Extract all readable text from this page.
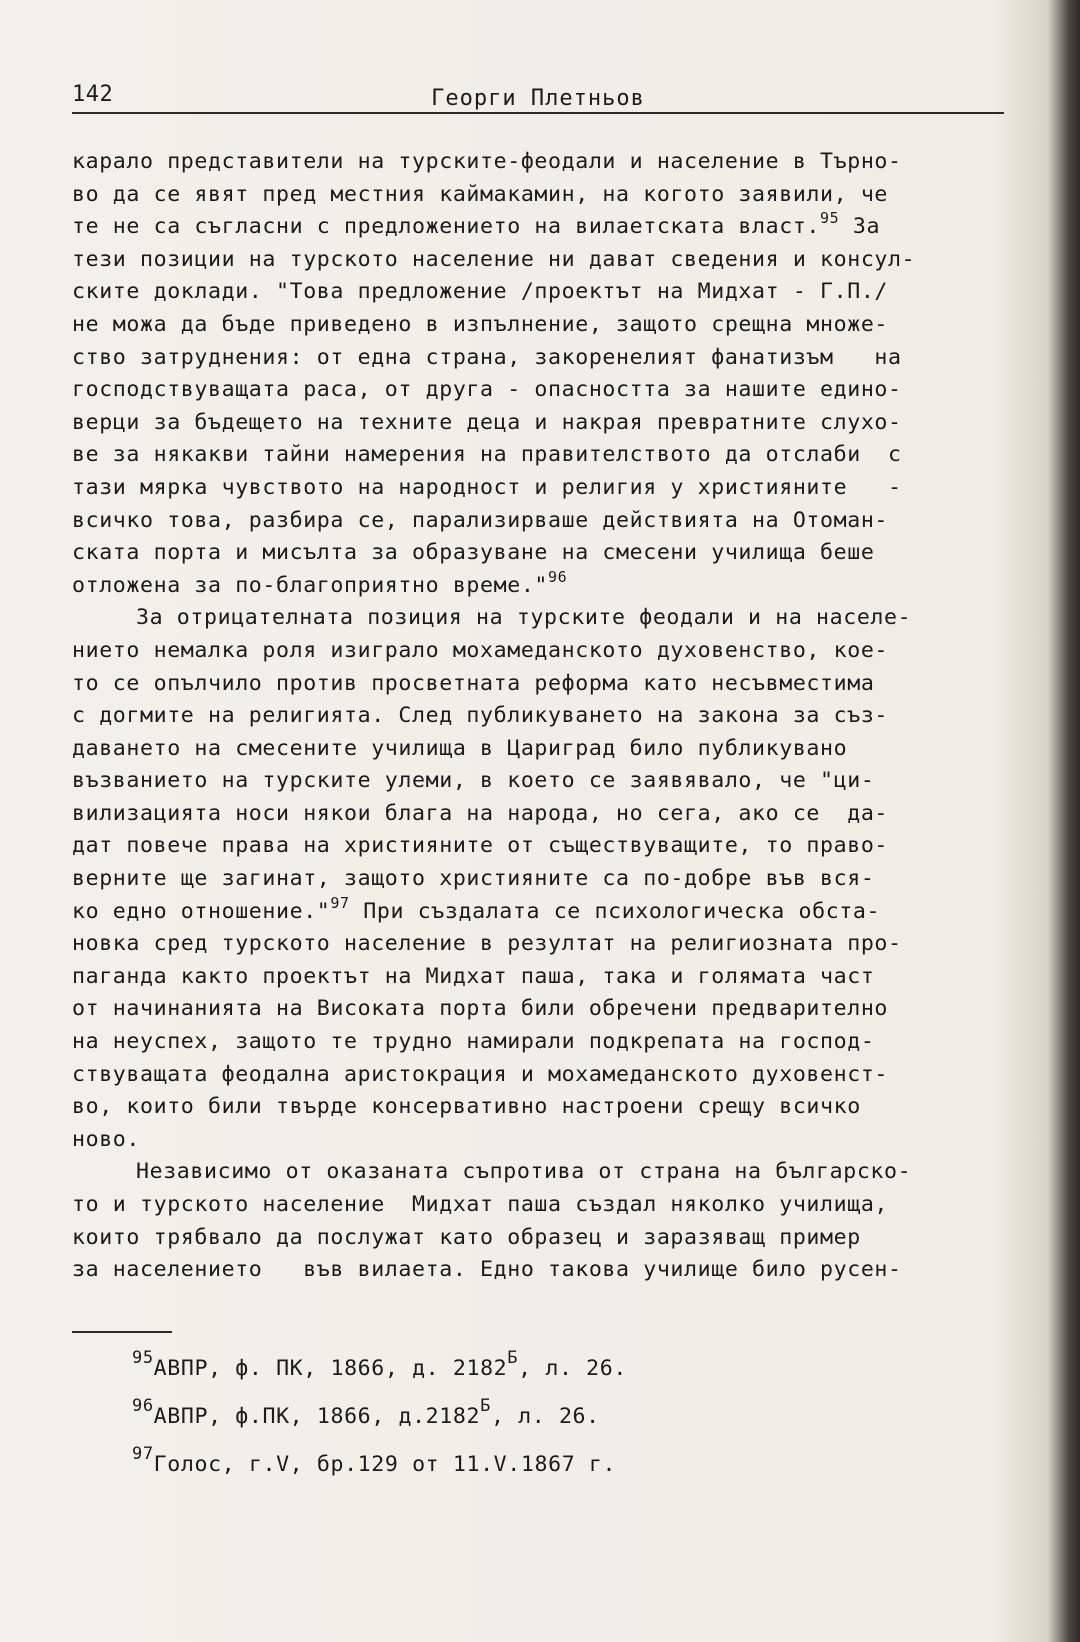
142	Георги Плетньов
карало представители на турските-феодали и население в Търно-
во да се явят пред местния каймакамин, на когото заявили, че
те не са съгласни с предложението на вилаетската власт.$^{95}$ За
тези позиции на турското население ни дават сведения и консул-
ските доклади. "Това предложение /проектът на Мидхат - Г.П./
не можа да бъде приведено в изпълнение, защото срещна множе-
ство затруднения: от една страна, закоренелият фанатизъм   на
господствуващата раса, от друга - опасността за нашите едино-
верци за бъдещето на техните деца и накрая превратните слухо-
ве за някакви тайни намерения на правителството да отслаби  с
тази мярка чувството на народност и религия у християните   -
всичко това, разбира се, парализирваше действията на Отоман-
ската порта и мисълта за образуване на смесени училища беше
отложена за по-благоприятно време."$^{96}$
За отрицателната позиция на турските феодали и на населе-
нието немалка роля изиграло мохамеданското духовенство, кое-
то се опълчило против просветната реформа като несъвместима
с догмите на религията. След публикуването на закона за съз-
даването на смесените училища в Цариград било публикувано
възванието на турските улеми, в което се заявявало, че "ци-
вилизацията носи някои блага на народа, но сега, ако се  да-
дат повече права на християните от съществуващите, то право-
верните ще загинат, защото християните са по-добре във вся-
ко едно отношение."$^{97}$ При създалата се психологическа обста-
новка сред турското население в резултат на религиозната про-
паганда както проектът на Мидхат паша, така и голямата част
от начинанията на Високата порта били обречени предварително
на неуспех, защото те трудно намирали подкрепата на господ-
ствуващата феодална аристокрация и мохамеданското духовенст-
во, които били твърде консервативно настроени срещу всичко
ново.
Независимо от оказаната съпротива от страна на българско-
то и турското население  Мидхат паша създал няколко училища,
които трябвало да послужат като образец и заразяващ пример
за населението   във вилаета. Едно такова училище било русен-
$^{95}$АВПР, ф. ПК, 1866, д. $2182^Б$, л. 26.
$^{96}$АВПР, ф.ПК, 1866, $д.2182^Б$, л. 26.
$^{97}$Голос, г.V, бр.129 от 11.V.1867 г.
